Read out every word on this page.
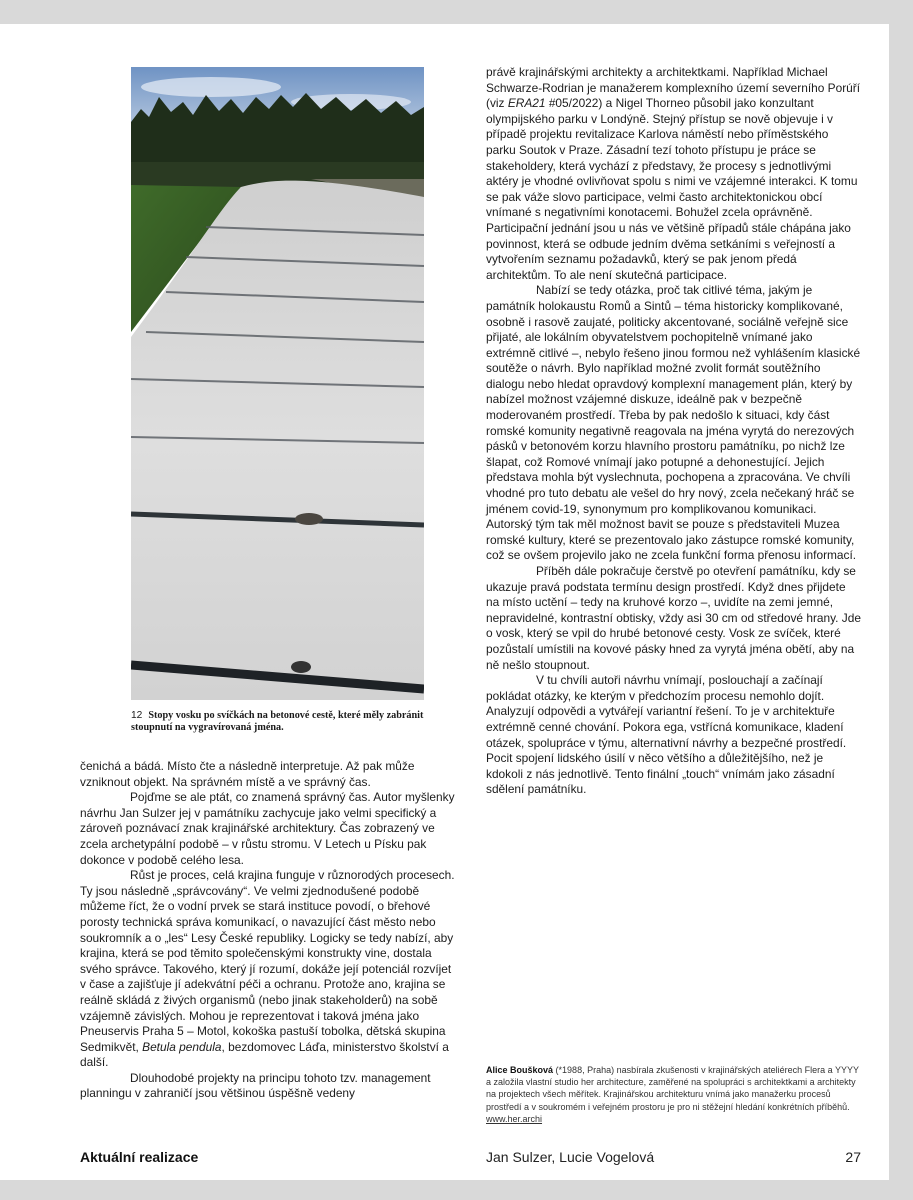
12 Stopy vosku po svíčkách na betonové cestě, které měly zabránit stoupnutí na vygravírovaná jména.

čenichá a bádá. Místo čte a následně interpretuje. Až pak může vzniknout objekt. Na správném místě a ve správný čas.

Pojďme se ale ptát, co znamená správný čas. Autor myšlenky návrhu Jan Sulzer jej v památníku zachycuje jako velmi specifický a zároveň poznávací znak krajinářské architektury. Čas zobrazený ve zcela archetypální podobě – v růstu stromu. V Letech u Písku pak dokonce v podobě celého lesa.

Růst je proces, celá krajina funguje v různorodých procesech. Ty jsou následně „správcovány“. Ve velmi zjednodušené podobě můžeme říct, že o vodní prvek se stará instituce povodí, o břehové porosty technická správa komunikací, o navazující část město nebo soukromník a o „les“ Lesy České republiky. Logicky se tedy nabízí, aby krajina, která se pod těmito společenskými konstrukty vine, dostala svého správce. Takového, který jí rozumí, dokáže její potenciál rozvíjet v čase a zajišťuje jí adekvátní péči a ochranu. Protože ano, krajina se reálně skládá z živých organismů (nebo jinak stakeholderů) na sobě vzájemně závislých. Mohou je reprezentovat i taková jména jako Pneuservis Praha 5 – Motol, kokoška pastuší tobolka, dětská skupina Sedmikvět, Betula pendula, bezdomovec Láďa, ministerstvo školství a další.

Dlouhodobé projekty na principu tohoto tzv. management planningu v zahraničí jsou většinou úspěšně vedeny

právě krajinářskými architekty a architektkami. Například Michael Schwarze-Rodrian je manažerem komplexního území severního Porúří (viz ERA21 #05/2022) a Nigel Thorneo působil jako konzultant olympijského parku v Londýně. Stejný přístup se nově objevuje i v případě projektu revitalizace Karlova náměstí nebo příměstského parku Soutok v Praze. Zásadní tezí tohoto přístupu je práce se stakeholdery, která vychází z představy, že procesy s jednotlivými aktéry je vhodné ovlivňovat spolu s nimi ve vzájemné interakci. K tomu se pak váže slovo participace, velmi často architektonickou obcí vnímané s negativními konotacemi. Bohužel zcela oprávněně. Participační jednání jsou u nás ve většině případů stále chápána jako povinnost, která se odbude jedním dvěma setkáními s veřejností a vytvořením seznamu požadavků, který se pak jenom předá architektům. To ale není skutečná participace.

Nabízí se tedy otázka, proč tak citlivé téma, jakým je památník holokaustu Romů a Sintů – téma historicky komplikované, osobně i rasově zaujaté, politicky akcentované, sociálně veřejně sice přijaté, ale lokálním obyvatelstvem pochopitelně vnímané jako extrémně citlivé –, nebylo řešeno jinou formou než vyhlášením klasické soutěže o návrh. Bylo například možné zvolit formát soutěžního dialogu nebo hledat opravdový komplexní management plán, který by nabízel možnost vzájemné diskuze, ideálně pak v bezpečně moderovaném prostředí. Třeba by pak nedošlo k situaci, kdy část romské komunity negativně reagovala na jména vyrytá do nerezových pásků v betonovém korzu hlavního prostoru památníku, po nichž lze šlapat, což Romové vnímají jako potupné a dehonestující. Jejich představa mohla být vyslechnuta, pochopena a zpracována. Ve chvíli vhodné pro tuto debatu ale vešel do hry nový, zcela nečekaný hráč se jménem covid-19, synonymum pro komplikovanou komunikaci. Autorský tým tak měl možnost bavit se pouze s představiteli Muzea romské kultury, které se prezentovalo jako zástupce romské komunity, což se ovšem projevilo jako ne zcela funkční forma přenosu informací.

Příběh dále pokračuje čerstvě po otevření památníku, kdy se ukazuje pravá podstata termínu design prostředí. Když dnes přijdete na místo uctění – tedy na kruhové korzo –, uvidíte na zemi jemné, nepravidelné, kontrastní obtisky, vždy asi 30 cm od středové hrany. Jde o vosk, který se vpil do hrubé betonové cesty. Vosk ze svíček, které pozůstalí umístili na kovové pásky hned za vyrytá jména obětí, aby na ně nešlo stoupnout.

V tu chvíli autoři návrhu vnímají, poslouchají a začínají pokládat otázky, ke kterým v předchozím procesu nemohlo dojít. Analyzují odpovědi a vytvářejí variantní řešení. To je v architektuře extrémně cenné chování. Pokora ega, vstřícná komunikace, kladení otázek, spolupráce v týmu, alternativní návrhy a bezpečné prostředí. Pocit spojení lidského úsilí v něco většího a důležitějšího, než je kdokoli z nás jednotlivě. Tento finální „touch“ vnímám jako zásadní sdělení památníku.

Alice Boušková (*1988, Praha) nasbírala zkušenosti v krajinářských ateliérech Flera a YYYY a založila vlastní studio her architecture, zaměřené na spolupráci s architektkami a architekty na projektech všech měřítek. Krajinářskou architekturu vnímá jako manažerku procesů prostředí a v soukromém i veřejném prostoru je pro ni stěžejní hledání konkrétních příběhů. www.her.archi
Aktuální realizace	Jan Sulzer, Lucie Vogelová	27
